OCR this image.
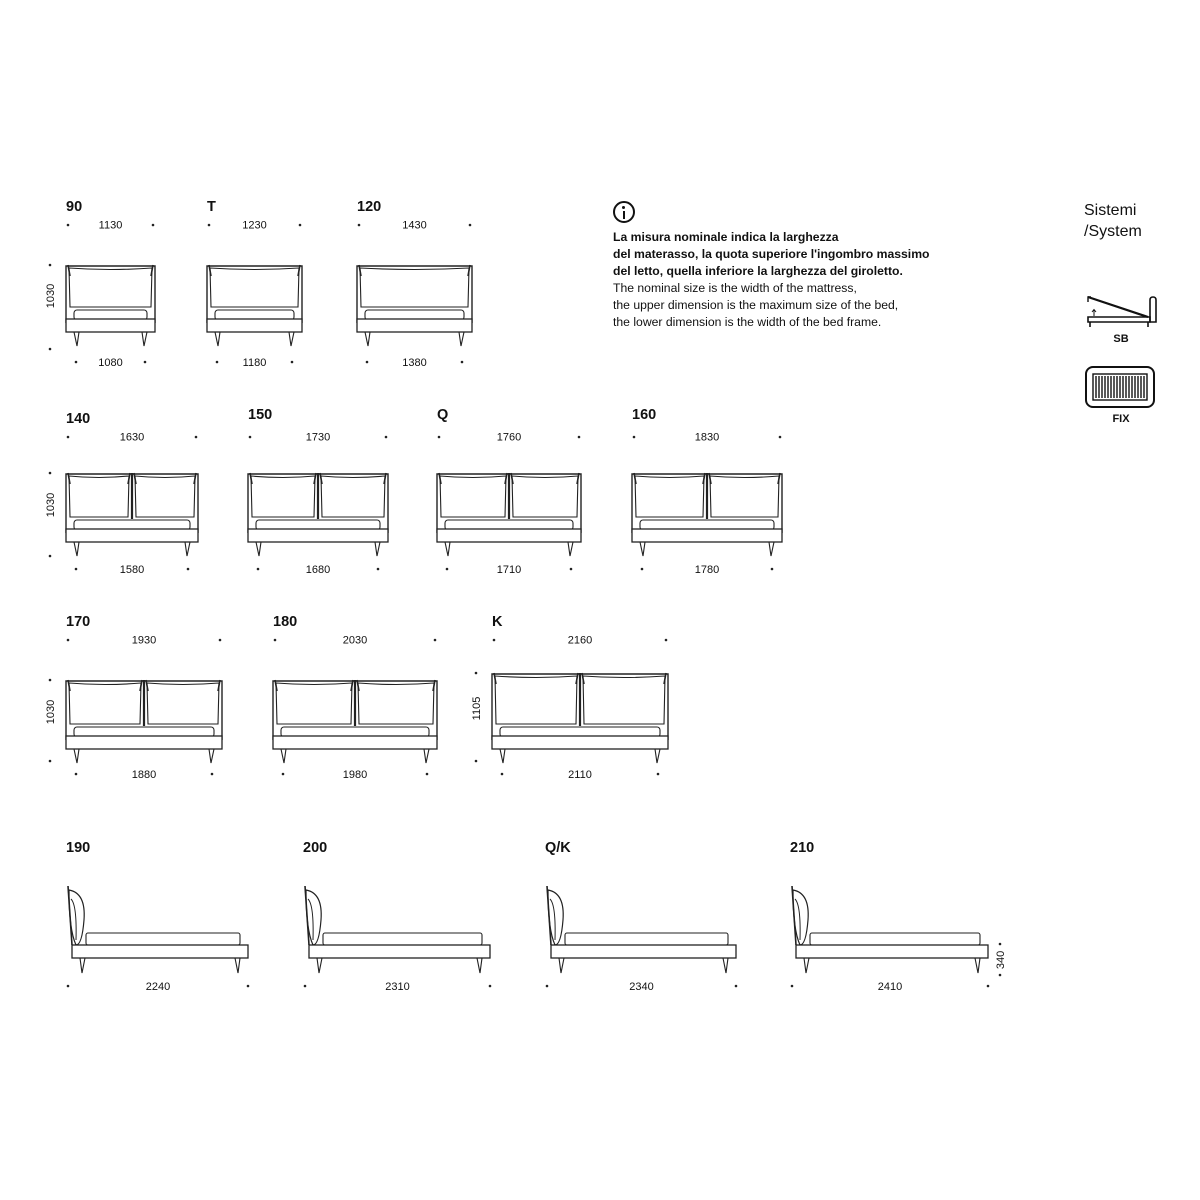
90
1130
1080
1030
T
1230
1180
120
1430
1380
140
1630
1580
1030
150
1730
1680
Q
1760
1710
160
1830
1780
170
1930
1880
1030
180
2030
1980
K
2160
2110
1105
190
2240
200
2310
Q/K
2340
210
2410
340
La misura nominale indica la larghezza
del materasso, la quota superiore l'ingombro massimo
del letto, quella inferiore la larghezza del giroletto.
The nominal size is the width of the mattress,
the upper dimension is the maximum size of the bed,
the lower dimension is the width of the bed frame.
Sistemi
/System
SB
FIX
